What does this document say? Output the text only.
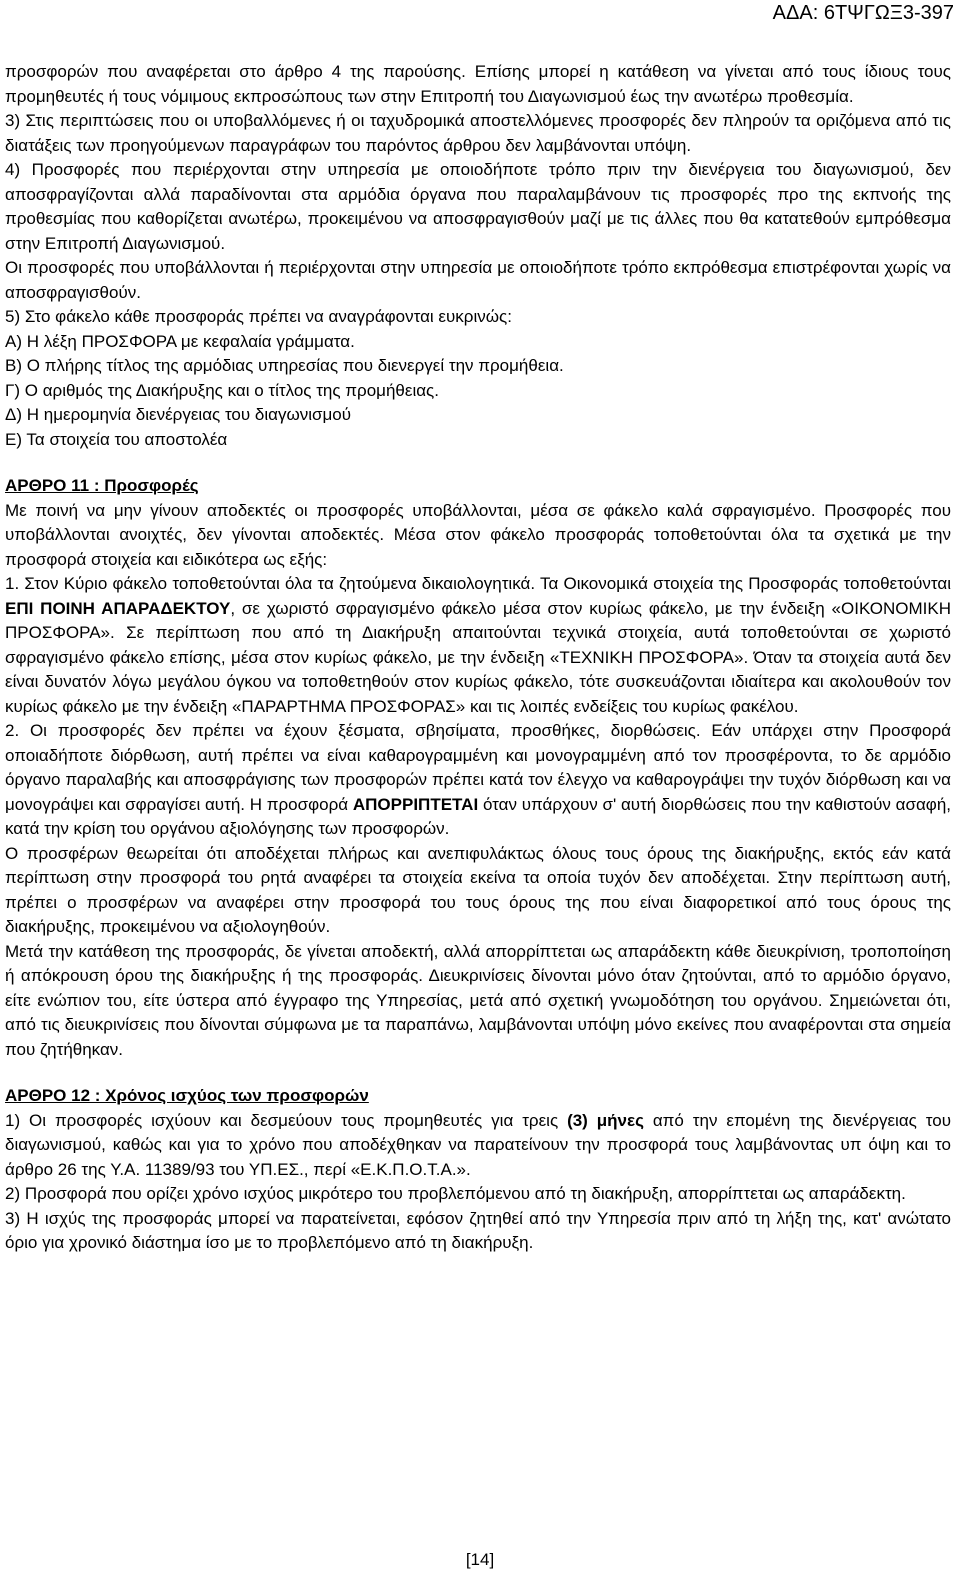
ΑΔΑ: 6ΤΨΓΩΞ3-397

προσφορών που αναφέρεται στο άρθρο 4 της παρούσης. Επίσης μπορεί η κατάθεση να γίνεται από τους ίδιους τους προμηθευτές ή τους νόμιμους εκπροσώπους των στην Επιτροπή του Διαγωνισμού έως την ανωτέρω προθεσμία.

3) Στις περιπτώσεις που οι υποβαλλόμενες ή οι ταχυδρομικά αποστελλόμενες προσφορές δεν πληρούν τα οριζόμενα από τις διατάξεις των προηγούμενων παραγράφων του παρόντος άρθρου δεν λαμβάνονται υπόψη.

4) Προσφορές που περιέρχονται στην υπηρεσία με οποιοδήποτε τρόπο πριν την διενέργεια του διαγωνισμού, δεν αποσφραγίζονται αλλά παραδίνονται στα αρμόδια όργανα που παραλαμβάνουν τις προσφορές προ της εκπνοής της προθεσμίας που καθορίζεται ανωτέρω, προκειμένου να αποσφραγισθούν μαζί με τις άλλες που θα κατατεθούν εμπρόθεσμα στην Επιτροπή Διαγωνισμού.

Οι προσφορές που υποβάλλονται ή περιέρχονται στην υπηρεσία με οποιοδήποτε τρόπο εκπρόθεσμα επιστρέφονται χωρίς να αποσφραγισθούν.

5) Στο φάκελο κάθε προσφοράς πρέπει να αναγράφονται ευκρινώς:

Α) Η λέξη ΠΡΟΣΦΟΡΑ με κεφαλαία γράμματα.

Β) Ο πλήρης τίτλος της αρμόδιας υπηρεσίας που διενεργεί την προμήθεια.

Γ) Ο αριθμός της Διακήρυξης και ο τίτλος της προμήθειας.

Δ) Η ημερομηνία διενέργειας του διαγωνισμού

Ε) Τα στοιχεία του αποστολέα

ΑΡΘΡΟ 11 : Προσφορές

Με ποινή να μην γίνουν αποδεκτές οι προσφορές υποβάλλονται, μέσα σε φάκελο καλά σφραγισμένο. Προσφορές που υποβάλλονται ανοιχτές, δεν γίνονται αποδεκτές. Μέσα στον φάκελο προσφοράς τοποθετούνται όλα τα σχετικά με την προσφορά στοιχεία και ειδικότερα ως εξής:

1. Στον Κύριο φάκελο τοποθετούνται όλα τα ζητούμενα δικαιολογητικά. Τα Οικονομικά στοιχεία της Προσφοράς τοποθετούνται ΕΠΙ ΠΟΙΝΗ ΑΠΑΡΑΔΕΚΤΟΥ, σε χωριστό σφραγισμένο φάκελο μέσα στον κυρίως φάκελο, με την ένδειξη «ΟΙΚΟΝΟΜΙΚΗ ΠΡΟΣΦΟΡΑ». Σε περίπτωση που από τη Διακήρυξη απαιτούνται τεχνικά στοιχεία, αυτά τοποθετούνται σε χωριστό σφραγισμένο φάκελο επίσης, μέσα στον κυρίως φάκελο, με την ένδειξη «ΤΕΧΝΙΚΗ ΠΡΟΣΦΟΡΑ». Όταν τα στοιχεία αυτά δεν είναι δυνατόν λόγω μεγάλου όγκου να τοποθετηθούν στον κυρίως φάκελο, τότε συσκευάζονται ιδιαίτερα και ακολουθούν τον κυρίως φάκελο με την ένδειξη «ΠΑΡΑΡΤΗΜΑ ΠΡΟΣΦΟΡΑΣ» και τις λοιπές ενδείξεις του κυρίως φακέλου.

2. Οι προσφορές δεν πρέπει να έχουν ξέσματα, σβησίματα, προσθήκες, διορθώσεις. Εάν υπάρχει στην Προσφορά οποιαδήποτε διόρθωση, αυτή πρέπει να είναι καθαρογραμμένη και μονογραμμένη από τον προσφέροντα, το δε αρμόδιο όργανο παραλαβής και αποσφράγισης των προσφορών πρέπει κατά τον έλεγχο να καθαρογράψει την τυχόν διόρθωση και να μονογράψει και σφραγίσει αυτή. Η προσφορά ΑΠΟΡΡΙΠΤΕΤΑΙ όταν υπάρχουν σ' αυτή διορθώσεις που την καθιστούν ασαφή, κατά την κρίση του οργάνου αξιολόγησης των προσφορών.

Ο προσφέρων θεωρείται ότι αποδέχεται πλήρως και ανεπιφυλάκτως όλους τους όρους της διακήρυξης, εκτός εάν κατά περίπτωση στην προσφορά του ρητά αναφέρει τα στοιχεία εκείνα τα οποία τυχόν δεν αποδέχεται. Στην περίπτωση αυτή, πρέπει ο προσφέρων να αναφέρει στην προσφορά του τους όρους της που είναι διαφορετικοί από τους όρους της διακήρυξης, προκειμένου να αξιολογηθούν.

Μετά την κατάθεση της προσφοράς, δε γίνεται αποδεκτή, αλλά απορρίπτεται ως απαράδεκτη κάθε διευκρίνιση, τροποποίηση ή απόκρουση όρου της διακήρυξης ή της προσφοράς. Διευκρινίσεις δίνονται μόνο όταν ζητούνται, από το αρμόδιο όργανο, είτε ενώπιον του, είτε ύστερα από έγγραφο της Υπηρεσίας, μετά από σχετική γνωμοδότηση του οργάνου. Σημειώνεται ότι, από τις διευκρινίσεις που δίνονται σύμφωνα με τα παραπάνω, λαμβάνονται υπόψη μόνο εκείνες που αναφέρονται στα σημεία που ζητήθηκαν.

ΑΡΘΡΟ 12 : Χρόνος ισχύος των προσφορών

1) Οι προσφορές ισχύουν και δεσμεύουν τους προμηθευτές για τρεις (3) μήνες από την επομένη της διενέργειας του διαγωνισμού, καθώς και για το χρόνο που αποδέχθηκαν να παρατείνουν την προσφορά τους λαμβάνοντας υπ όψη και το άρθρο 26 της Υ.Α. 11389/93 του ΥΠ.ΕΣ., περί «Ε.Κ.Π.Ο.Τ.Α.».

2) Προσφορά που ορίζει χρόνο ισχύος μικρότερο του προβλεπόμενου από τη διακήρυξη, απορρίπτεται ως απαράδεκτη.

3) Η ισχύς της προσφοράς μπορεί να παρατείνεται, εφόσον ζητηθεί από την Υπηρεσία πριν από τη λήξη της, κατ' ανώτατο όριο για χρονικό διάστημα ίσο με το προβλεπόμενο από τη διακήρυξη.

[14]
